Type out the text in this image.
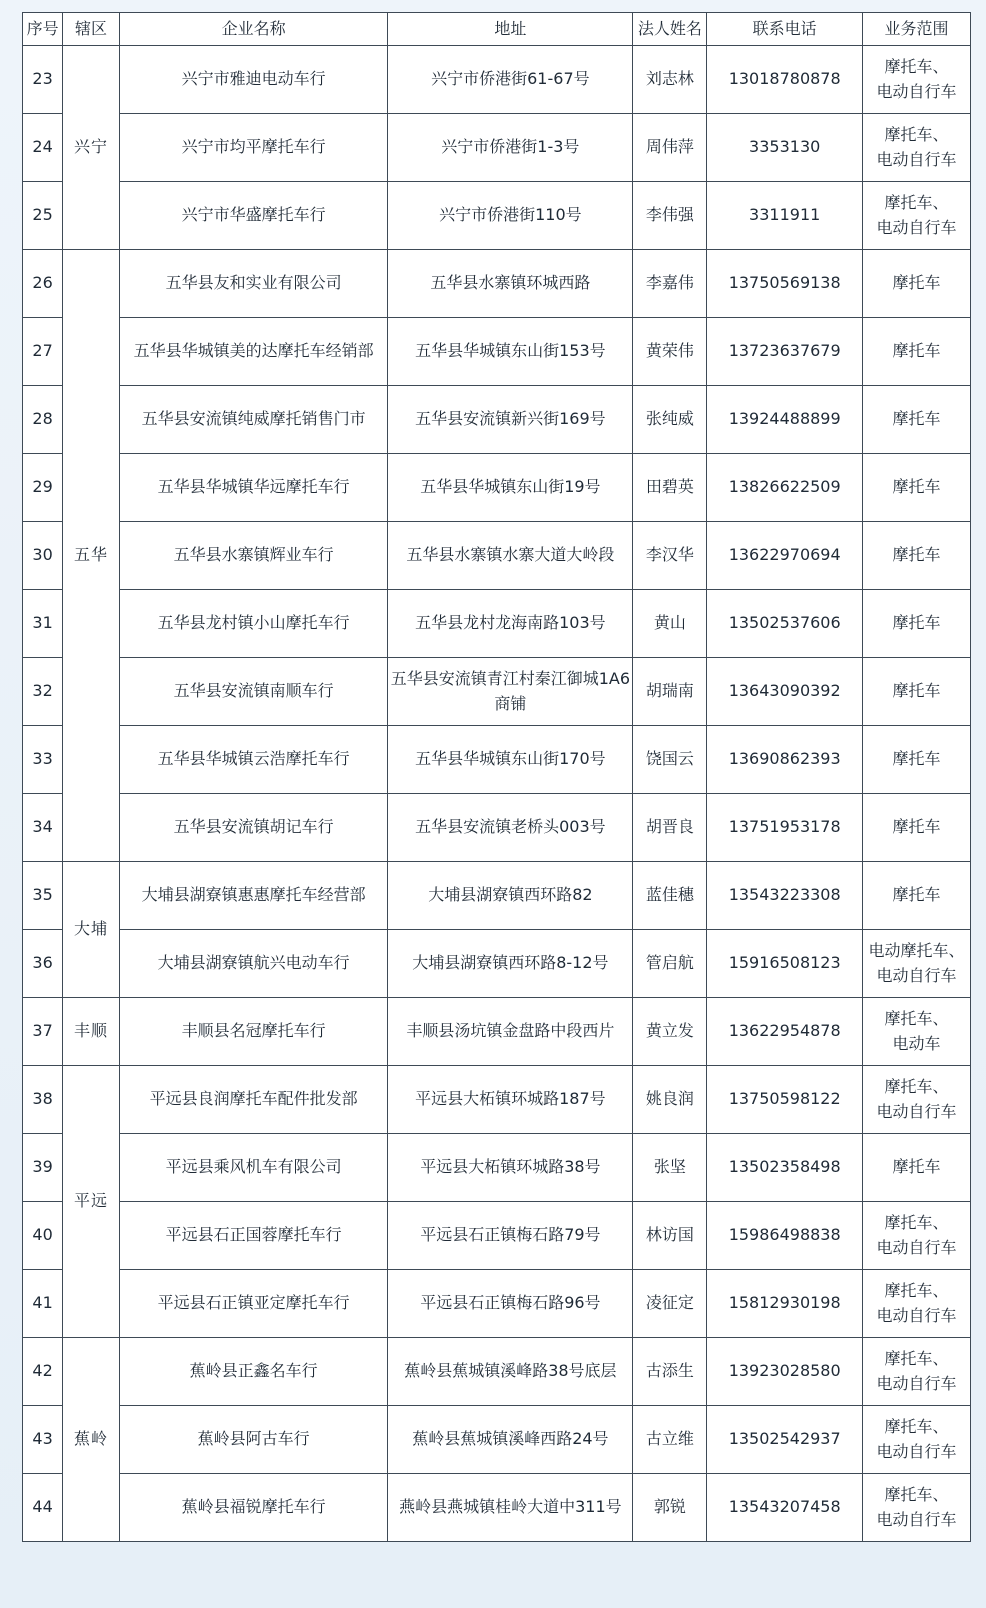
序号	辖区	企业名称	地址	法人姓名	联系电话	业务范围
23	兴宁	兴宁市雅迪电动车行	兴宁市侨港街61-67号	刘志林	13018780878	摩托车、
电动自行车
24		兴宁市均平摩托车行	兴宁市侨港街1-3号	周伟萍	3353130	摩托车、
电动自行车
25		兴宁市华盛摩托车行	兴宁市侨港街110号	李伟强	3311911	摩托车、
电动自行车
26	五华	五华县友和实业有限公司	五华县水寨镇环城西路	李嘉伟	13750569138	摩托车
27		五华县华城镇美的达摩托车经销部	五华县华城镇东山街153号	黄荣伟	13723637679	摩托车
28		五华县安流镇纯威摩托销售门市	五华县安流镇新兴街169号	张纯威	13924488899	摩托车
29		五华县华城镇华远摩托车行	五华县华城镇东山街19号	田碧英	13826622509	摩托车
30		五华县水寨镇辉业车行	五华县水寨镇水寨大道大岭段	李汉华	13622970694	摩托车
31		五华县龙村镇小山摩托车行	五华县龙村龙海南路103号	黄山	13502537606	摩托车
32		五华县安流镇南顺车行	五华县安流镇青江村秦江御城1A6商铺	胡瑞南	13643090392	摩托车
33		五华县华城镇云浩摩托车行	五华县华城镇东山街170号	饶国云	13690862393	摩托车
34		五华县安流镇胡记车行	五华县安流镇老桥头003号	胡晋良	13751953178	摩托车
35	大埔	大埔县湖寮镇惠惠摩托车经营部	大埔县湖寮镇西环路82	蓝佳穗	13543223308	摩托车
36		大埔县湖寮镇航兴电动车行	大埔县湖寮镇西环路8-12号	管启航	15916508123	电动摩托车、
电动自行车
37	丰顺	丰顺县名冠摩托车行	丰顺县汤坑镇金盘路中段西片	黄立发	13622954878	摩托车、
电动车
38	平远	平远县良润摩托车配件批发部	平远县大柘镇环城路187号	姚良润	13750598122	摩托车、
电动自行车
39		平远县乘风机车有限公司	平远县大柘镇环城路38号	张坚	13502358498	摩托车
40		平远县石正国蓉摩托车行	平远县石正镇梅石路79号	林访国	15986498838	摩托车、
电动自行车
41		平远县石正镇亚定摩托车行	平远县石正镇梅石路96号	凌征定	15812930198	摩托车、
电动自行车
42	蕉岭	蕉岭县正鑫名车行	蕉岭县蕉城镇溪峰路38号底层	古添生	13923028580	摩托车、
电动自行车
43		蕉岭县阿古车行	蕉岭县蕉城镇溪峰西路24号	古立维	13502542937	摩托车、
电动自行车
44		蕉岭县福锐摩托车行	燕岭县燕城镇桂岭大道中311号	郭锐	13543207458	摩托车、
电动自行车
